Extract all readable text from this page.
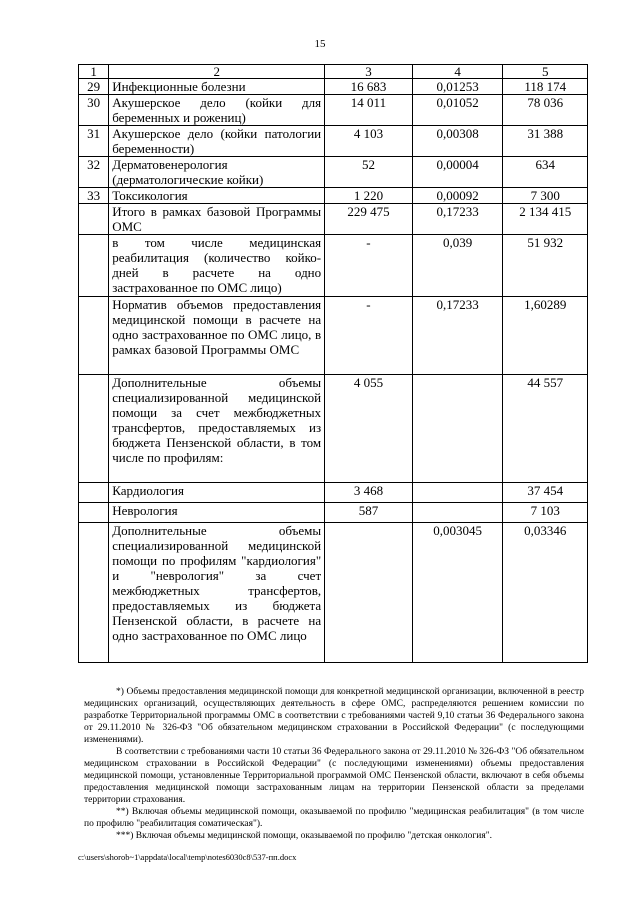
15
1	2	3	4	5
29	Инфекционные болезни	16 683	0,01253	118 174
30	Акушерское дело (койки для беременных и рожениц)	14 011	0,01052	78 036
31	Акушерское дело (койки патологии беременности)	4 103	0,00308	31 388
32	Дерматовенерология (дерматологические койки)	52	0,00004	634
33	Токсикология	1 220	0,00092	7 300
	Итого в рамках базовой Программы ОМС	229 475	0,17233	2 134 415
	в том числе медицинская реабилитация (количество койко-дней в расчете на одно застрахованное по ОМС лицо)	-	0,039	51 932
	Норматив объемов предоставления медицинской помощи в расчете на одно застрахованное по ОМС лицо, в рамках базовой Программы ОМС	-	0,17233	1,60289
	Дополнительные объемы специализированной медицинской помощи за счет межбюджетных трансфертов, предоставляемых из бюджета Пензенской области, в том числе по профилям:	4 055		44 557
	Кардиология	3 468		37 454
	Неврология	587		7 103
	Дополнительные объемы специализированной медицинской помощи по профилям "кардиология" и "неврология" за счет межбюджетных трансфертов, предоставляемых из бюджета Пензенской области, в расчете на одно застрахованное по ОМС лицо		0,003045	0,03346

*) Объемы предоставления медицинской помощи для конкретной медицинской организации, включенной в реестр медицинских организаций, осуществляющих деятельность в сфере ОМС, распределяются решением комиссии по разработке Территориальной программы ОМС в соответствии с требованиями частей 9,10 статьи 36 Федерального закона от 29.11.2010 № 326-ФЗ "Об обязательном медицинском страховании в Российской Федерации" (с последующими изменениями).

В соответствии с требованиями части 10 статьи 36 Федерального закона от 29.11.2010 № 326-ФЗ "Об обязательном медицинском страховании в Российской Федерации" (с последующими изменениями) объемы предоставления медицинской помощи, установленные Территориальной программой ОМС Пензенской области, включают в себя объемы предоставления медицинской помощи застрахованным лицам на территории Пензенской области за пределами территории страхования.

**) Включая объемы медицинской помощи, оказываемой по профилю "медицинская реабилитация" (в том числе по профилю "реабилитация соматическая").

***) Включая объемы медицинской помощи, оказываемой по профилю "детская онкология".

c:\users\shorob~1\appdata\local\temp\notes6030c8\537-пп.docx
